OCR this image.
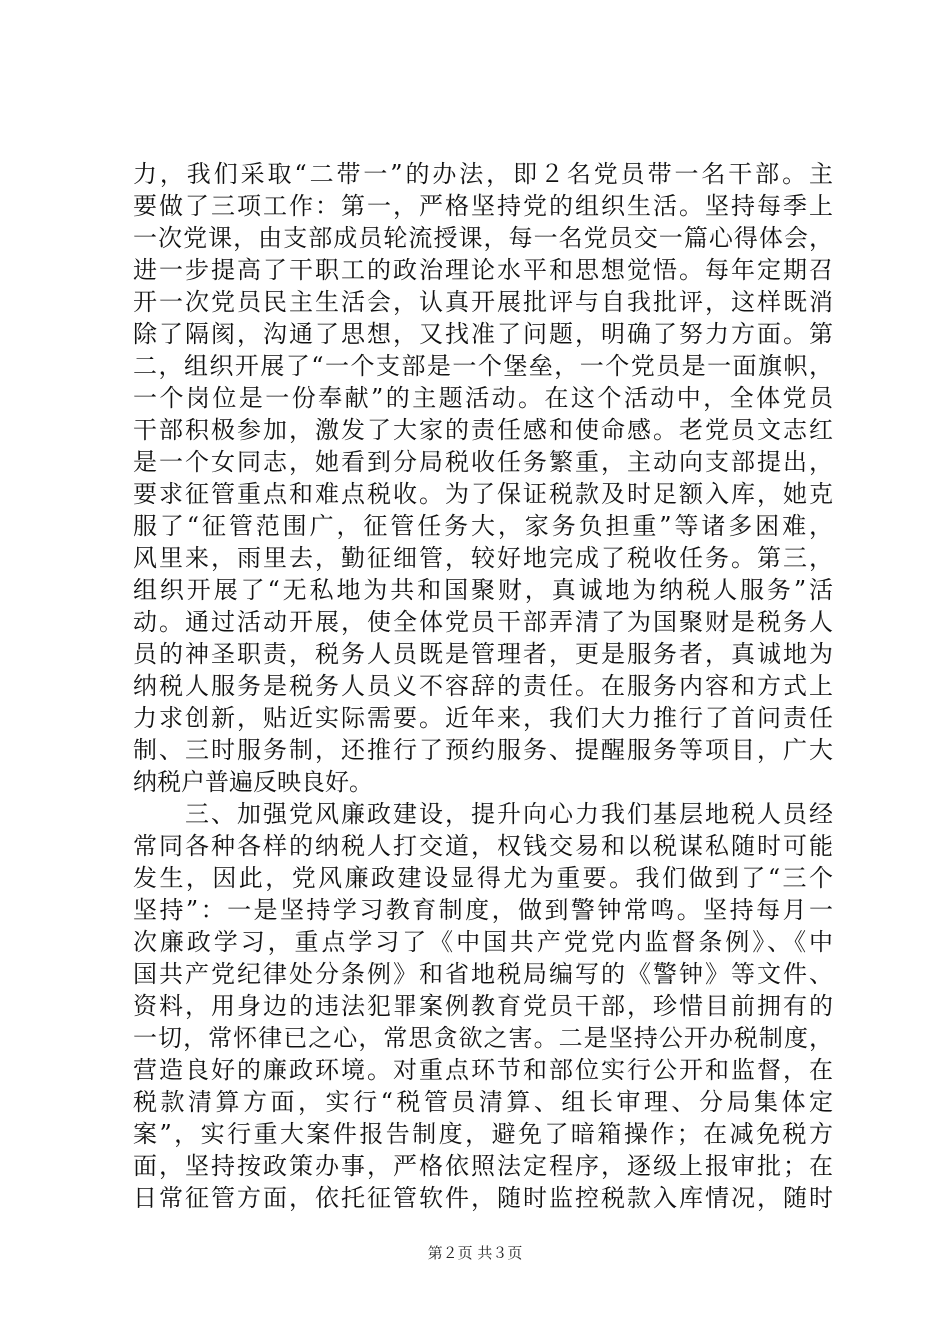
力，我们采取“二带一”的办法，即２名党员带一名干部。主
要做了三项工作：第一，严格坚持党的组织生活。坚持每季上
一次党课，由支部成员轮流授课，每一名党员交一篇心得体会，
进一步提高了干职工的政治理论水平和思想觉悟。每年定期召
开一次党员民主生活会，认真开展批评与自我批评，这样既消
除了隔阂，沟通了思想，又找准了问题，明确了努力方面。第
二，组织开展了“一个支部是一个堡垒，一个党员是一面旗帜，
一个岗位是一份奉献”的主题活动。在这个活动中，全体党员
干部积极参加，激发了大家的责任感和使命感。老党员文志红
是一个女同志，她看到分局税收任务繁重，主动向支部提出，
要求征管重点和难点税收。为了保证税款及时足额入库，她克
服了“征管范围广，征管任务大，家务负担重”等诸多困难，
风里来，雨里去，勤征细管，较好地完成了税收任务。第三，
组织开展了“无私地为共和国聚财，真诚地为纳税人服务”活
动。通过活动开展，使全体党员干部弄清了为国聚财是税务人
员的神圣职责，税务人员既是管理者，更是服务者，真诚地为
纳税人服务是税务人员义不容辞的责任。在服务内容和方式上
力求创新，贴近实际需要。近年来，我们大力推行了首问责任
制、三时服务制，还推行了预约服务、提醒服务等项目，广大
纳税户普遍反映良好。
　　三、加强党风廉政建设，提升向心力我们基层地税人员经
常同各种各样的纳税人打交道，权钱交易和以税谋私随时可能
发生，因此，党风廉政建设显得尤为重要。我们做到了“三个
坚持”：一是坚持学习教育制度，做到警钟常鸣。坚持每月一
次廉政学习，重点学习了《中国共产党党内监督条例》、《中
国共产党纪律处分条例》和省地税局编写的《警钟》等文件、
资料，用身边的违法犯罪案例教育党员干部，珍惜目前拥有的
一切，常怀律已之心，常思贪欲之害。二是坚持公开办税制度，
营造良好的廉政环境。对重点环节和部位实行公开和监督，在
税款清算方面，实行“税管员清算、组长审理、分局集体定
案”，实行重大案件报告制度，避免了暗箱操作；在减免税方
面，坚持按政策办事，严格依照法定程序，逐级上报审批；在
日常征管方面，依托征管软件，随时监控税款入库情况，随时
第２页 共３页
